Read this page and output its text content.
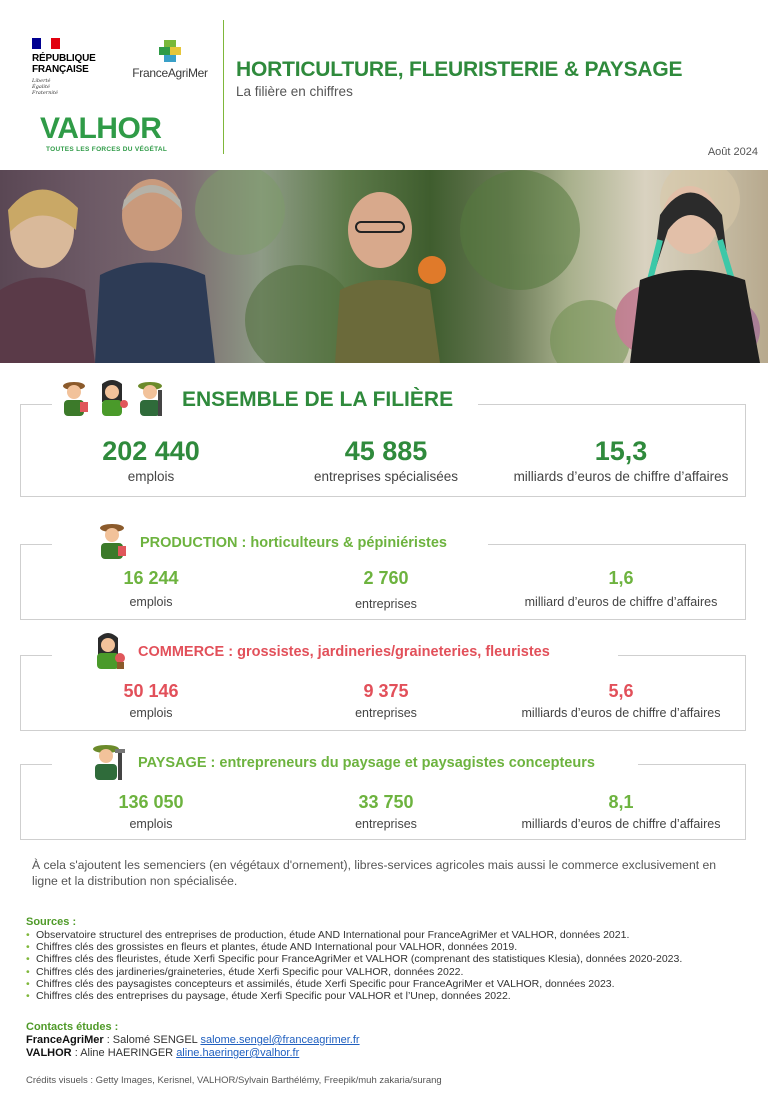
RÉPUBLIQUE
FRANÇAISE
Liberté
Égalité
Fraternité
FranceAgriMer
VALHOR
TOUTES LES FORCES DU VÉGÉTAL
HORTICULTURE, FLEURISTERIE & PAYSAGE
La filière en chiffres
Août 2024
202 440
emplois
45 885
entreprises spécialisées
15,3
milliards d’euros de chiffre d’affaires
ENSEMBLE DE LA FILIÈRE
16 244
emplois
2 760
entreprises
1,6
milliard d’euros de chiffre d’affaires
PRODUCTION : horticulteurs & pépiniéristes
50 146
emplois
9 375
entreprises
5,6
milliards d’euros de chiffre d’affaires
COMMERCE : grossistes, jardineries/graineteries, fleuristes
136 050
emplois
33 750
entreprises
8,1
milliards d’euros de chiffre d’affaires
PAYSAGE : entrepreneurs du paysage et paysagistes concepteurs
À cela s'ajoutent les semenciers (en végétaux d'ornement), libres-services agricoles mais aussi le commerce exclusivement en ligne et la distribution non spécialisée.
Sources :
• Observatoire structurel des entreprises de production, étude AND International pour FranceAgriMer et VALHOR, données 2021.
• Chiffres clés des grossistes en fleurs et plantes, étude AND International pour VALHOR, données 2019.
• Chiffres clés des fleuristes, étude Xerfi Specific pour FranceAgriMer et VALHOR (comprenant des statistiques Klesia), données 2020-2023.
• Chiffres clés des jardineries/graineteries, étude Xerfi Specific pour VALHOR, données 2022.
• Chiffres clés des paysagistes concepteurs et assimilés, étude Xerfi Specific pour FranceAgriMer et VALHOR, données 2023.
• Chiffres clés des entreprises du paysage, étude Xerfi Specific pour VALHOR et l’Unep, données 2022.
Contacts études :
FranceAgriMer : Salomé SENGEL salome.sengel@franceagrimer.fr
VALHOR : Aline HAERINGER aline.haeringer@valhor.fr
Crédits visuels : Getty Images, Kerisnel, VALHOR/Sylvain Barthélémy, Freepik/muh zakaria/surang
